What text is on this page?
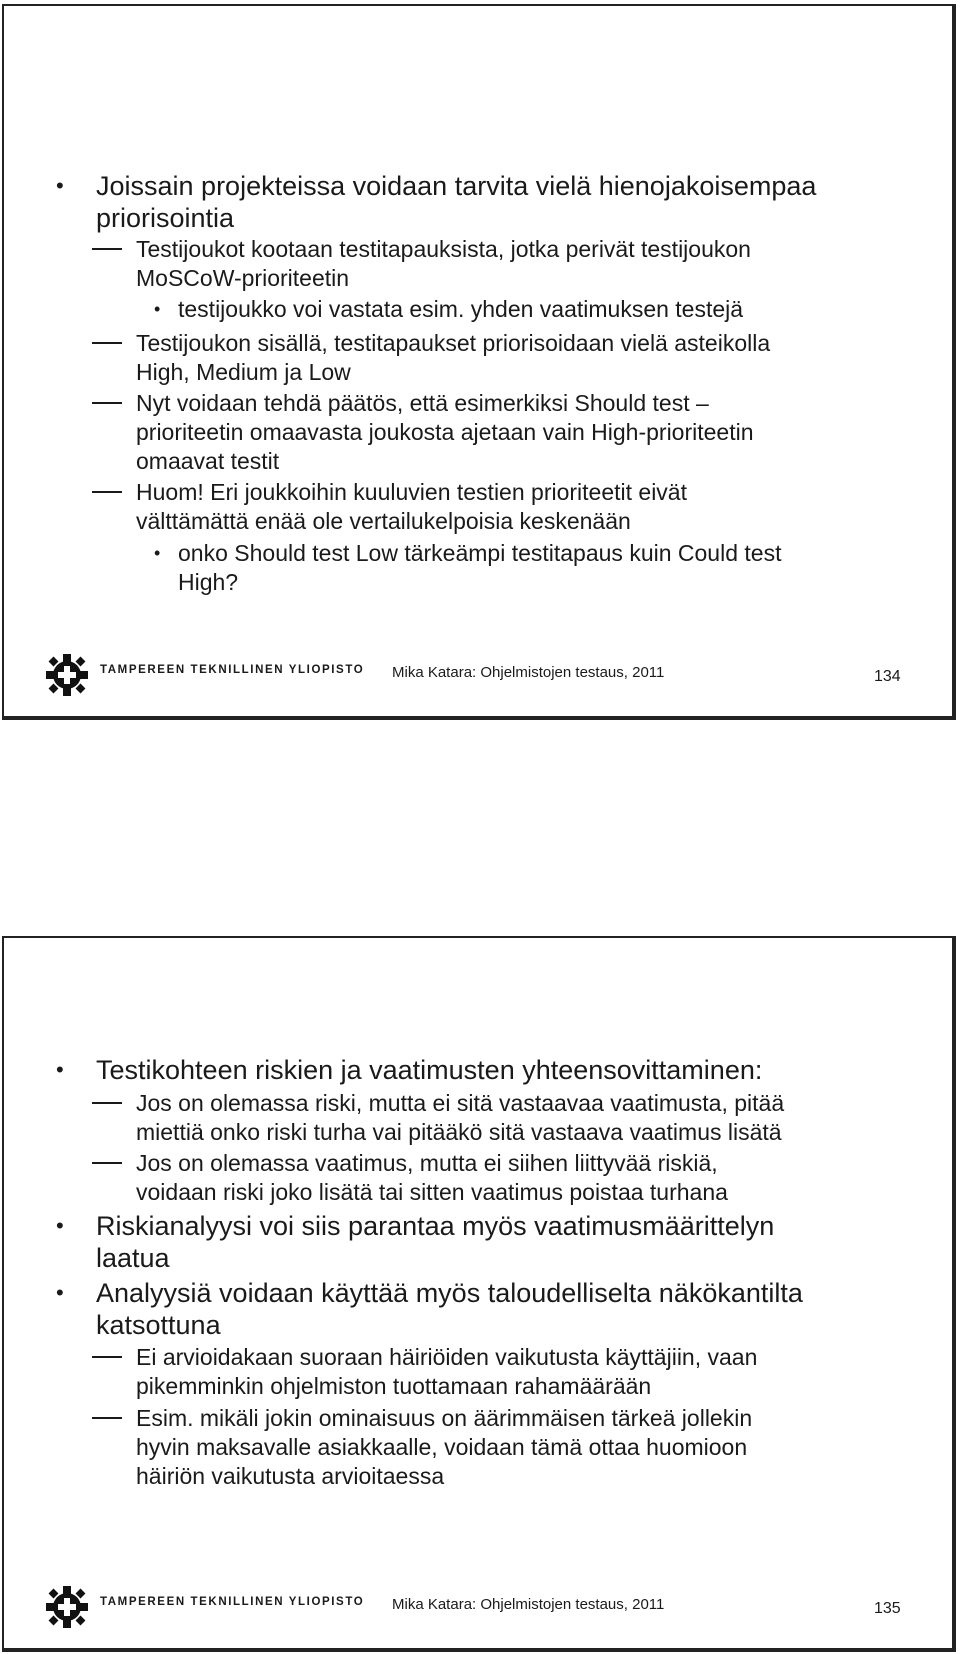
• Joissain projekteissa voidaan tarvita vielä hienojakoisempaa
priorisointia
Testijoukot kootaan testitapauksista, jotka perivät testijoukon
MoSCoW-prioriteetin
• testijoukko voi vastata esim. yhden vaatimuksen testejä
Testijoukon sisällä, testitapaukset priorisoidaan vielä asteikolla
High, Medium ja Low
Nyt voidaan tehdä päätös, että esimerkiksi Should test –
prioriteetin omaavasta joukosta ajetaan vain High-prioriteetin
omaavat testit
Huom! Eri joukkoihin kuuluvien testien prioriteetit eivät
välttämättä enää ole vertailukelpoisia keskenään
• onko Should test Low tärkeämpi testitapaus kuin Could test
High?
TAMPEREEN TEKNILLINEN YLIOPISTO Mika Katara: Ohjelmistojen testaus, 2011	134
• Testikohteen riskien ja vaatimusten yhteensovittaminen:
Jos on olemassa riski, mutta ei sitä vastaavaa vaatimusta, pitää
miettiä onko riski turha vai pitääkö sitä vastaava vaatimus lisätä
Jos on olemassa vaatimus, mutta ei siihen liittyvää riskiä,
voidaan riski joko lisätä tai sitten vaatimus poistaa turhana
• Riskianalyysi voi siis parantaa myös vaatimusmäärittelyn
laatua
• Analyysiä voidaan käyttää myös taloudelliselta näkökantilta
katsottuna
Ei arvioidakaan suoraan häiriöiden vaikutusta käyttäjiin, vaan
pikemminkin ohjelmiston tuottamaan rahamäärään
Esim. mikäli jokin ominaisuus on äärimmäisen tärkeä jollekin
hyvin maksavalle asiakkaalle, voidaan tämä ottaa huomioon
häiriön vaikutusta arvioitaessa
TAMPEREEN TEKNILLINEN YLIOPISTO Mika Katara: Ohjelmistojen testaus, 2011	135
